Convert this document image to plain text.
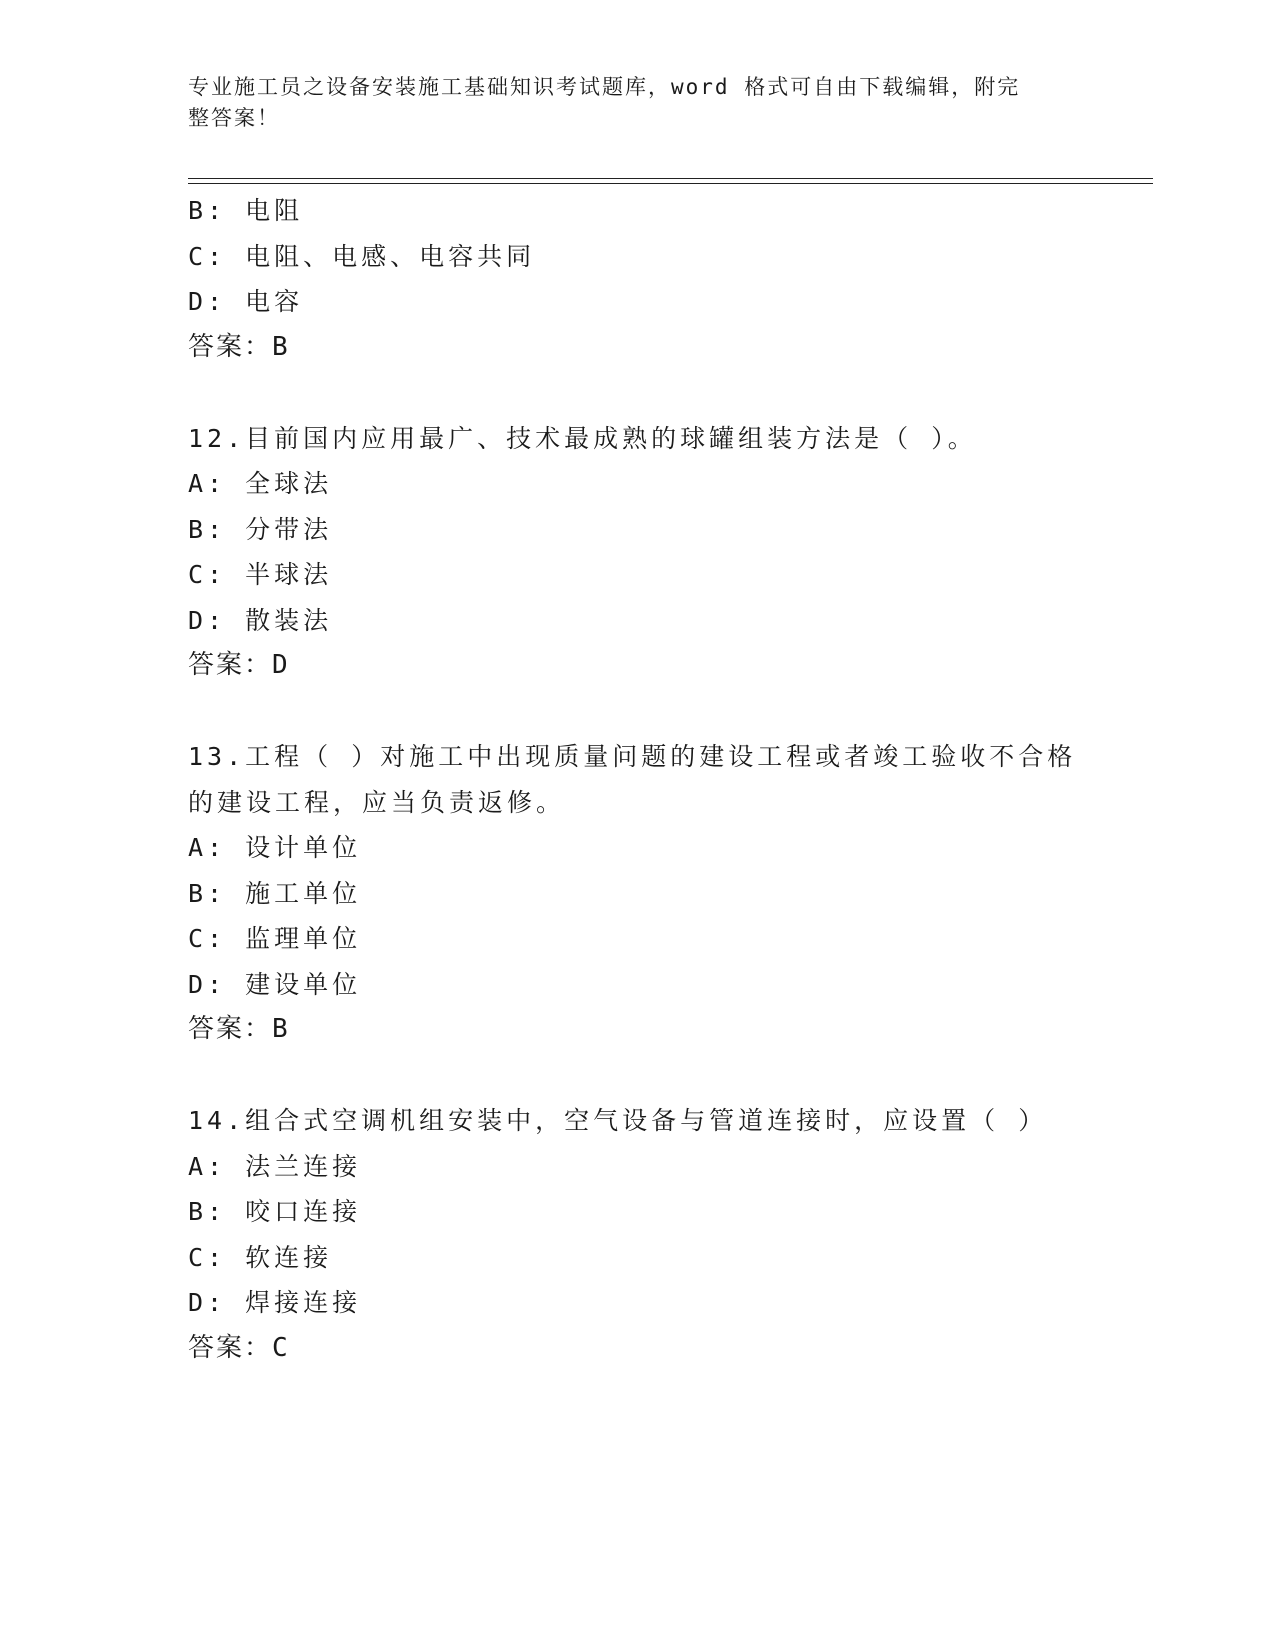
专业施工员之设备安装施工基础知识考试题库，word 格式可自由下载编辑，附完
整答案！
B: 电阻
C: 电阻、电感、电容共同
D: 电容
答案：B
12.目前国内应用最广、技术最成熟的球罐组装方法是（ ）。
A: 全球法
B: 分带法
C: 半球法
D: 散装法
答案：D
13.工程（ ）对施工中出现质量问题的建设工程或者竣工验收不合格
的建设工程，应当负责返修。
A: 设计单位
B: 施工单位
C: 监理单位
D: 建设单位
答案：B
14.组合式空调机组安装中，空气设备与管道连接时，应设置（ ）
A: 法兰连接
B: 咬口连接
C: 软连接
D: 焊接连接
答案：C
